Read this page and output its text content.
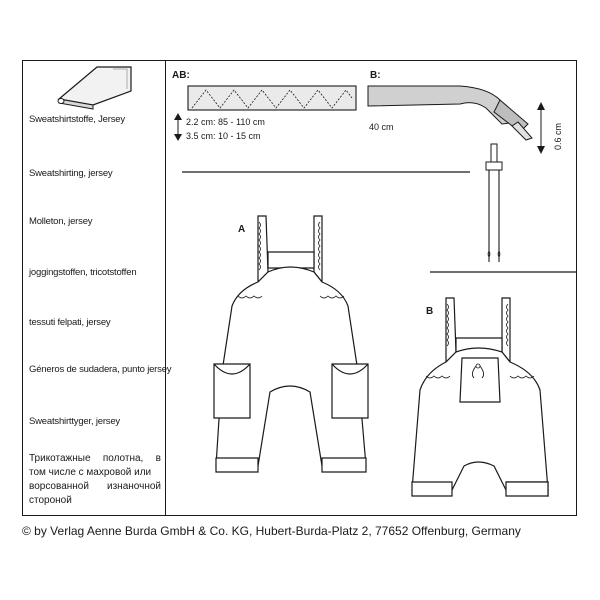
Sweatshirtstoffe, Jersey
Sweatshirting, jersey
Molleton, jersey
joggingstoffen, tricotstoffen
tessuti felpati, jersey
Géneros de sudadera, punto jersey
Sweatshirttyger, jersey
Трикотажные полотна, в
том числе с махровой или
ворсованной изнаночной
стороной
AB:
2.2 cm: 85 - 110 cm
3.5 cm: 10 - 15 cm
B:
40 cm	0.6 cm
A
B
© by Verlag Aenne Burda GmbH & Co. KG, Hubert-Burda-Platz 2, 77652 Offenburg, Germany
